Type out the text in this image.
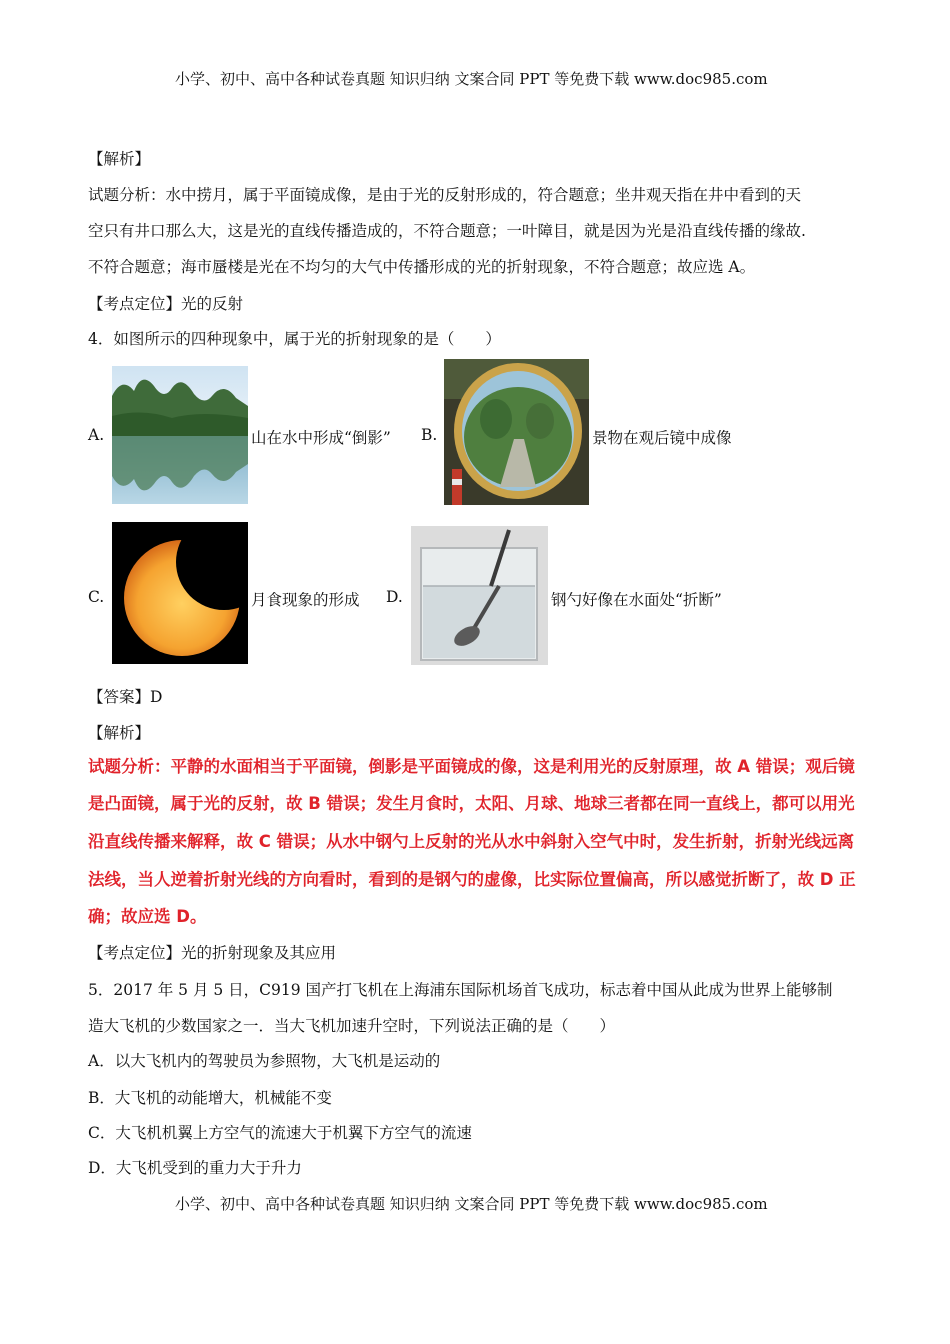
小学、初中、高中各种试卷真题 知识归纳 文案合同 PPT 等免费下载 www.doc985.com
【解析】
试题分析：水中捞月，属于平面镜成像，是由于光的反射形成的，符合题意；坐井观天指在井中看到的天
空只有井口那么大，这是光的直线传播造成的，不符合题意；一叶障目，就是因为光是沿直线传播的缘故.
不符合题意；海市蜃楼是光在不均匀的大气中传播形成的光的折射现象，不符合题意；故应选 A。
【考点定位】光的反射
4．如图所示的四种现象中，属于光的折射现象的是（　　）
A.	山在水中形成“倒影” B.	景物在观后镜中成像
C.	月食现象的形成 D.	钢勺好像在水面处“折断”
【答案】D
【解析】
试题分析：平静的水面相当于平面镜，倒影是平面镜成的像，这是利用光的反射原理，故 A 错误；观后镜
是凸面镜，属于光的反射，故 B 错误；发生月食时，太阳、月球、地球三者都在同一直线上，都可以用光
沿直线传播来解释，故 C 错误；从水中钢勺上反射的光从水中斜射入空气中时，发生折射，折射光线远离
法线，当人逆着折射光线的方向看时，看到的是钢勺的虚像，比实际位置偏高，所以感觉折断了，故 D 正
确；故应选 D。
【考点定位】光的折射现象及其应用
5．2017 年 5 月 5 日，C919 国产打飞机在上海浦东国际机场首飞成功，标志着中国从此成为世界上能够制
造大飞机的少数国家之一．当大飞机加速升空时，下列说法正确的是（　　）
A．以大飞机内的驾驶员为参照物，大飞机是运动的
B．大飞机的动能增大，机械能不变
C．大飞机机翼上方空气的流速大于机翼下方空气的流速
D．大飞机受到的重力大于升力
小学、初中、高中各种试卷真题 知识归纳 文案合同 PPT 等免费下载 www.doc985.com
